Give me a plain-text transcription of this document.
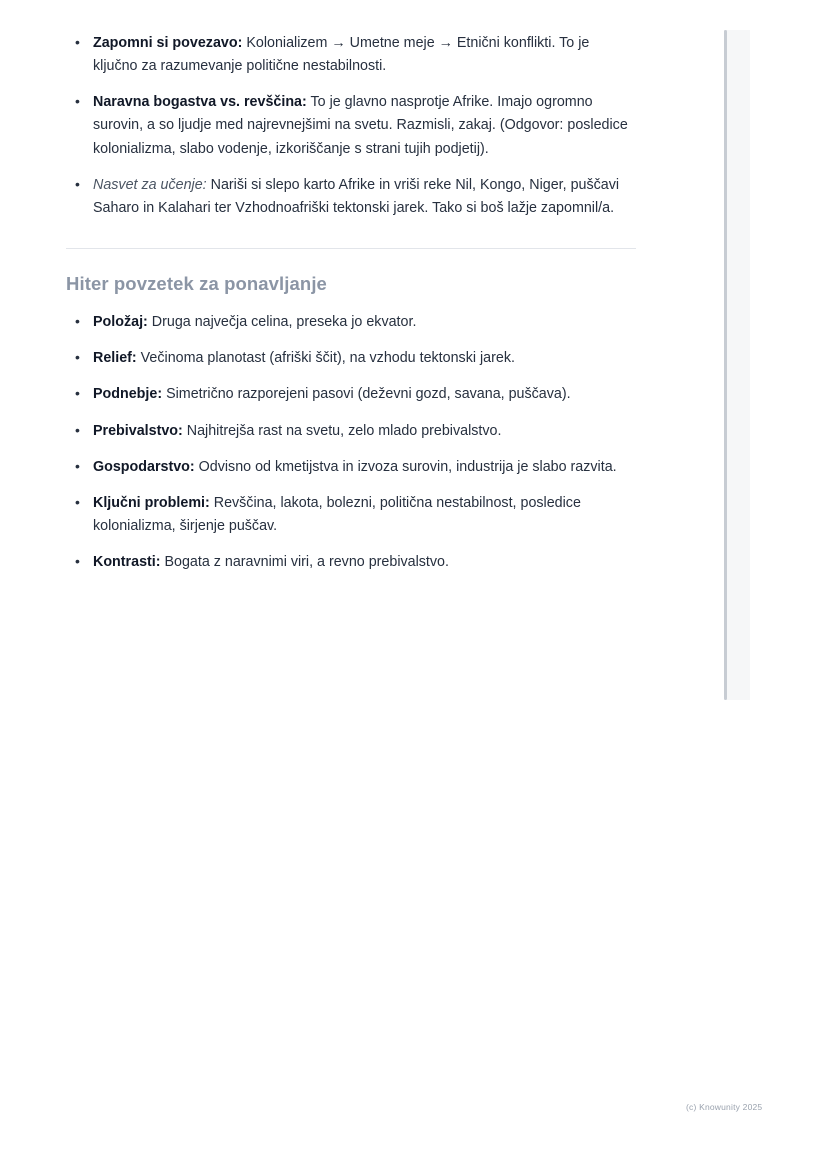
• Zapomni si povezavo: Kolonializem → Umetne meje → Etnični konflikti. To je ključno za razumevanje politične nestabilnosti.
• Naravna bogastva vs. revščina: To je glavno nasprotje Afrike. Imajo ogromno surovin, a so ljudje med najrevnejšimi na svetu. Razmisli, zakaj. (Odgovor: posledice kolonializma, slabo vodenje, izkoriščanje s strani tujih podjetij).
• Nasvet za učenje: Nariši si slepo karto Afrike in vriši reke Nil, Kongo, Niger, puščavi Saharo in Kalahari ter Vzhodnoafriški tektonski jarek. Tako si boš lažje zapomnil/a.
Hiter povzetek za ponavljanje
• Položaj: Druga največja celina, preseka jo ekvator.
• Relief: Večinoma planotast (afriški ščit), na vzhodu tektonski jarek.
• Podnebje: Simetrično razporejeni pasovi (deževni gozd, savana, puščava).
• Prebivalstvo: Najhitrejša rast na svetu, zelo mlado prebivalstvo.
• Gospodarstvo: Odvisno od kmetijstva in izvoza surovin, industrija je slabo razvita.
• Ključni problemi: Revščina, lakota, bolezni, politična nestabilnost, posledice kolonializma, širjenje puščav.
• Kontrasti: Bogata z naravnimi viri, a revno prebivalstvo.
(c) Knowunity 2025
